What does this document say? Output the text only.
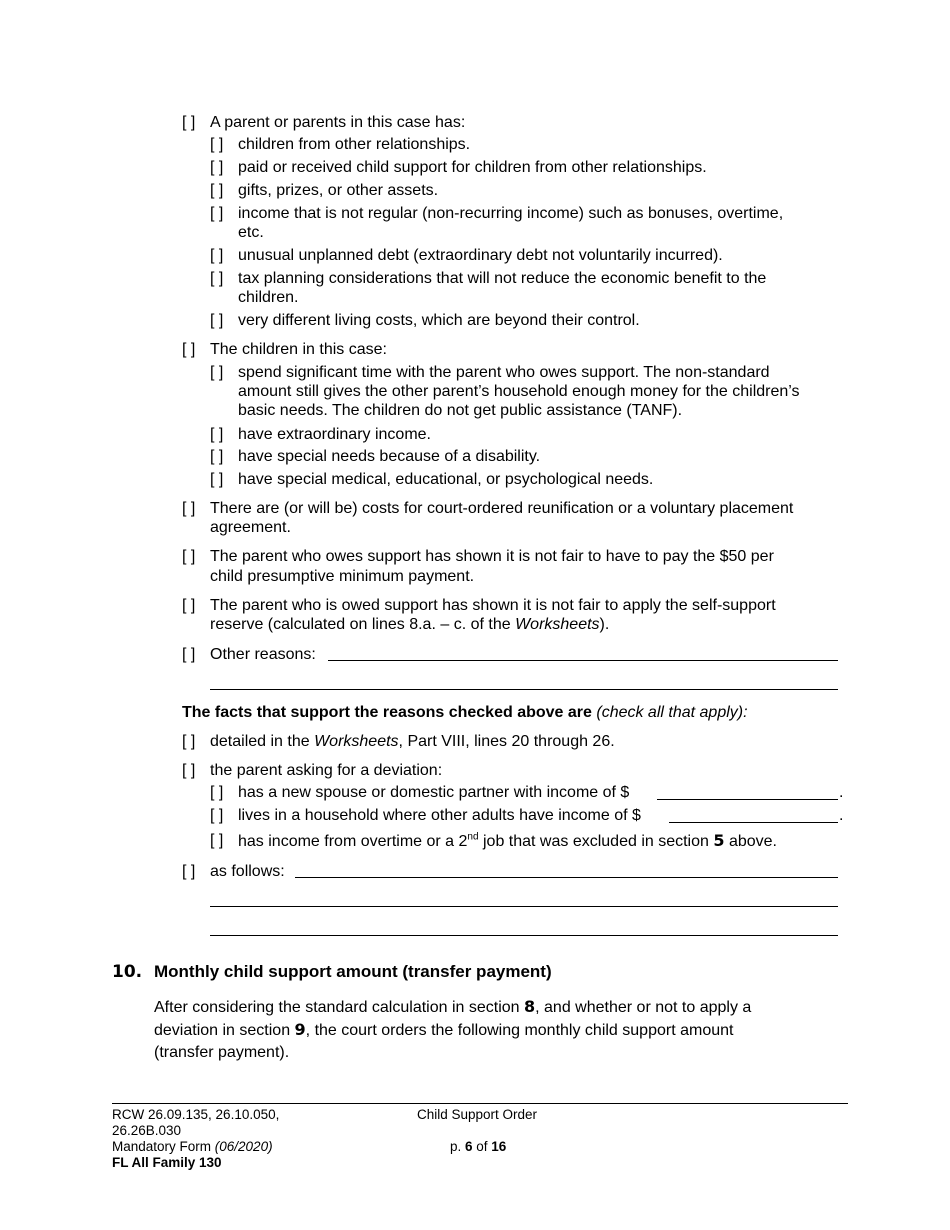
[ ] A parent or parents in this case has:
[ ] children from other relationships.
[ ] paid or received child support for children from other relationships.
[ ] gifts, prizes, or other assets.
[ ] income that is not regular (non-recurring income) such as bonuses, overtime,
etc.
[ ] unusual unplanned debt (extraordinary debt not voluntarily incurred).
[ ] tax planning considerations that will not reduce the economic benefit to the
children.
[ ] very different living costs, which are beyond their control.
[ ] The children in this case:
[ ] spend significant time with the parent who owes support. The non-standard
amount still gives the other parent’s household enough money for the children’s
basic needs. The children do not get public assistance (TANF).
[ ] have extraordinary income.
[ ] have special needs because of a disability.
[ ] have special medical, educational, or psychological needs.
[ ] There are (or will be) costs for court-ordered reunification or a voluntary placement
agreement.
[ ] The parent who owes support has shown it is not fair to have to pay the $50 per
child presumptive minimum payment.
[ ] The parent who is owed support has shown it is not fair to apply the self-support
reserve (calculated on lines 8.a. – c. of the Worksheets).
[ ] Other reasons:
The facts that support the reasons checked above are (check all that apply):
[ ] detailed in the Worksheets, Part VIII, lines 20 through 26.
[ ] the parent asking for a deviation:
[ ] has a new spouse or domestic partner with income of $	.
[ ] lives in a household where other adults have income of $	.
[ ] has income from overtime or a 2nd job that was excluded in section 5 above.
[ ] as follows:
10. Monthly child support amount (transfer payment)
After considering the standard calculation in section 8, and whether or not to apply a
deviation in section 9, the court orders the following monthly child support amount
(transfer payment).
RCW 26.09.135, 26.10.050,
26.26B.030
Mandatory Form (06/2020)
FL All Family 130
Child Support Order
p. 6 of 16
